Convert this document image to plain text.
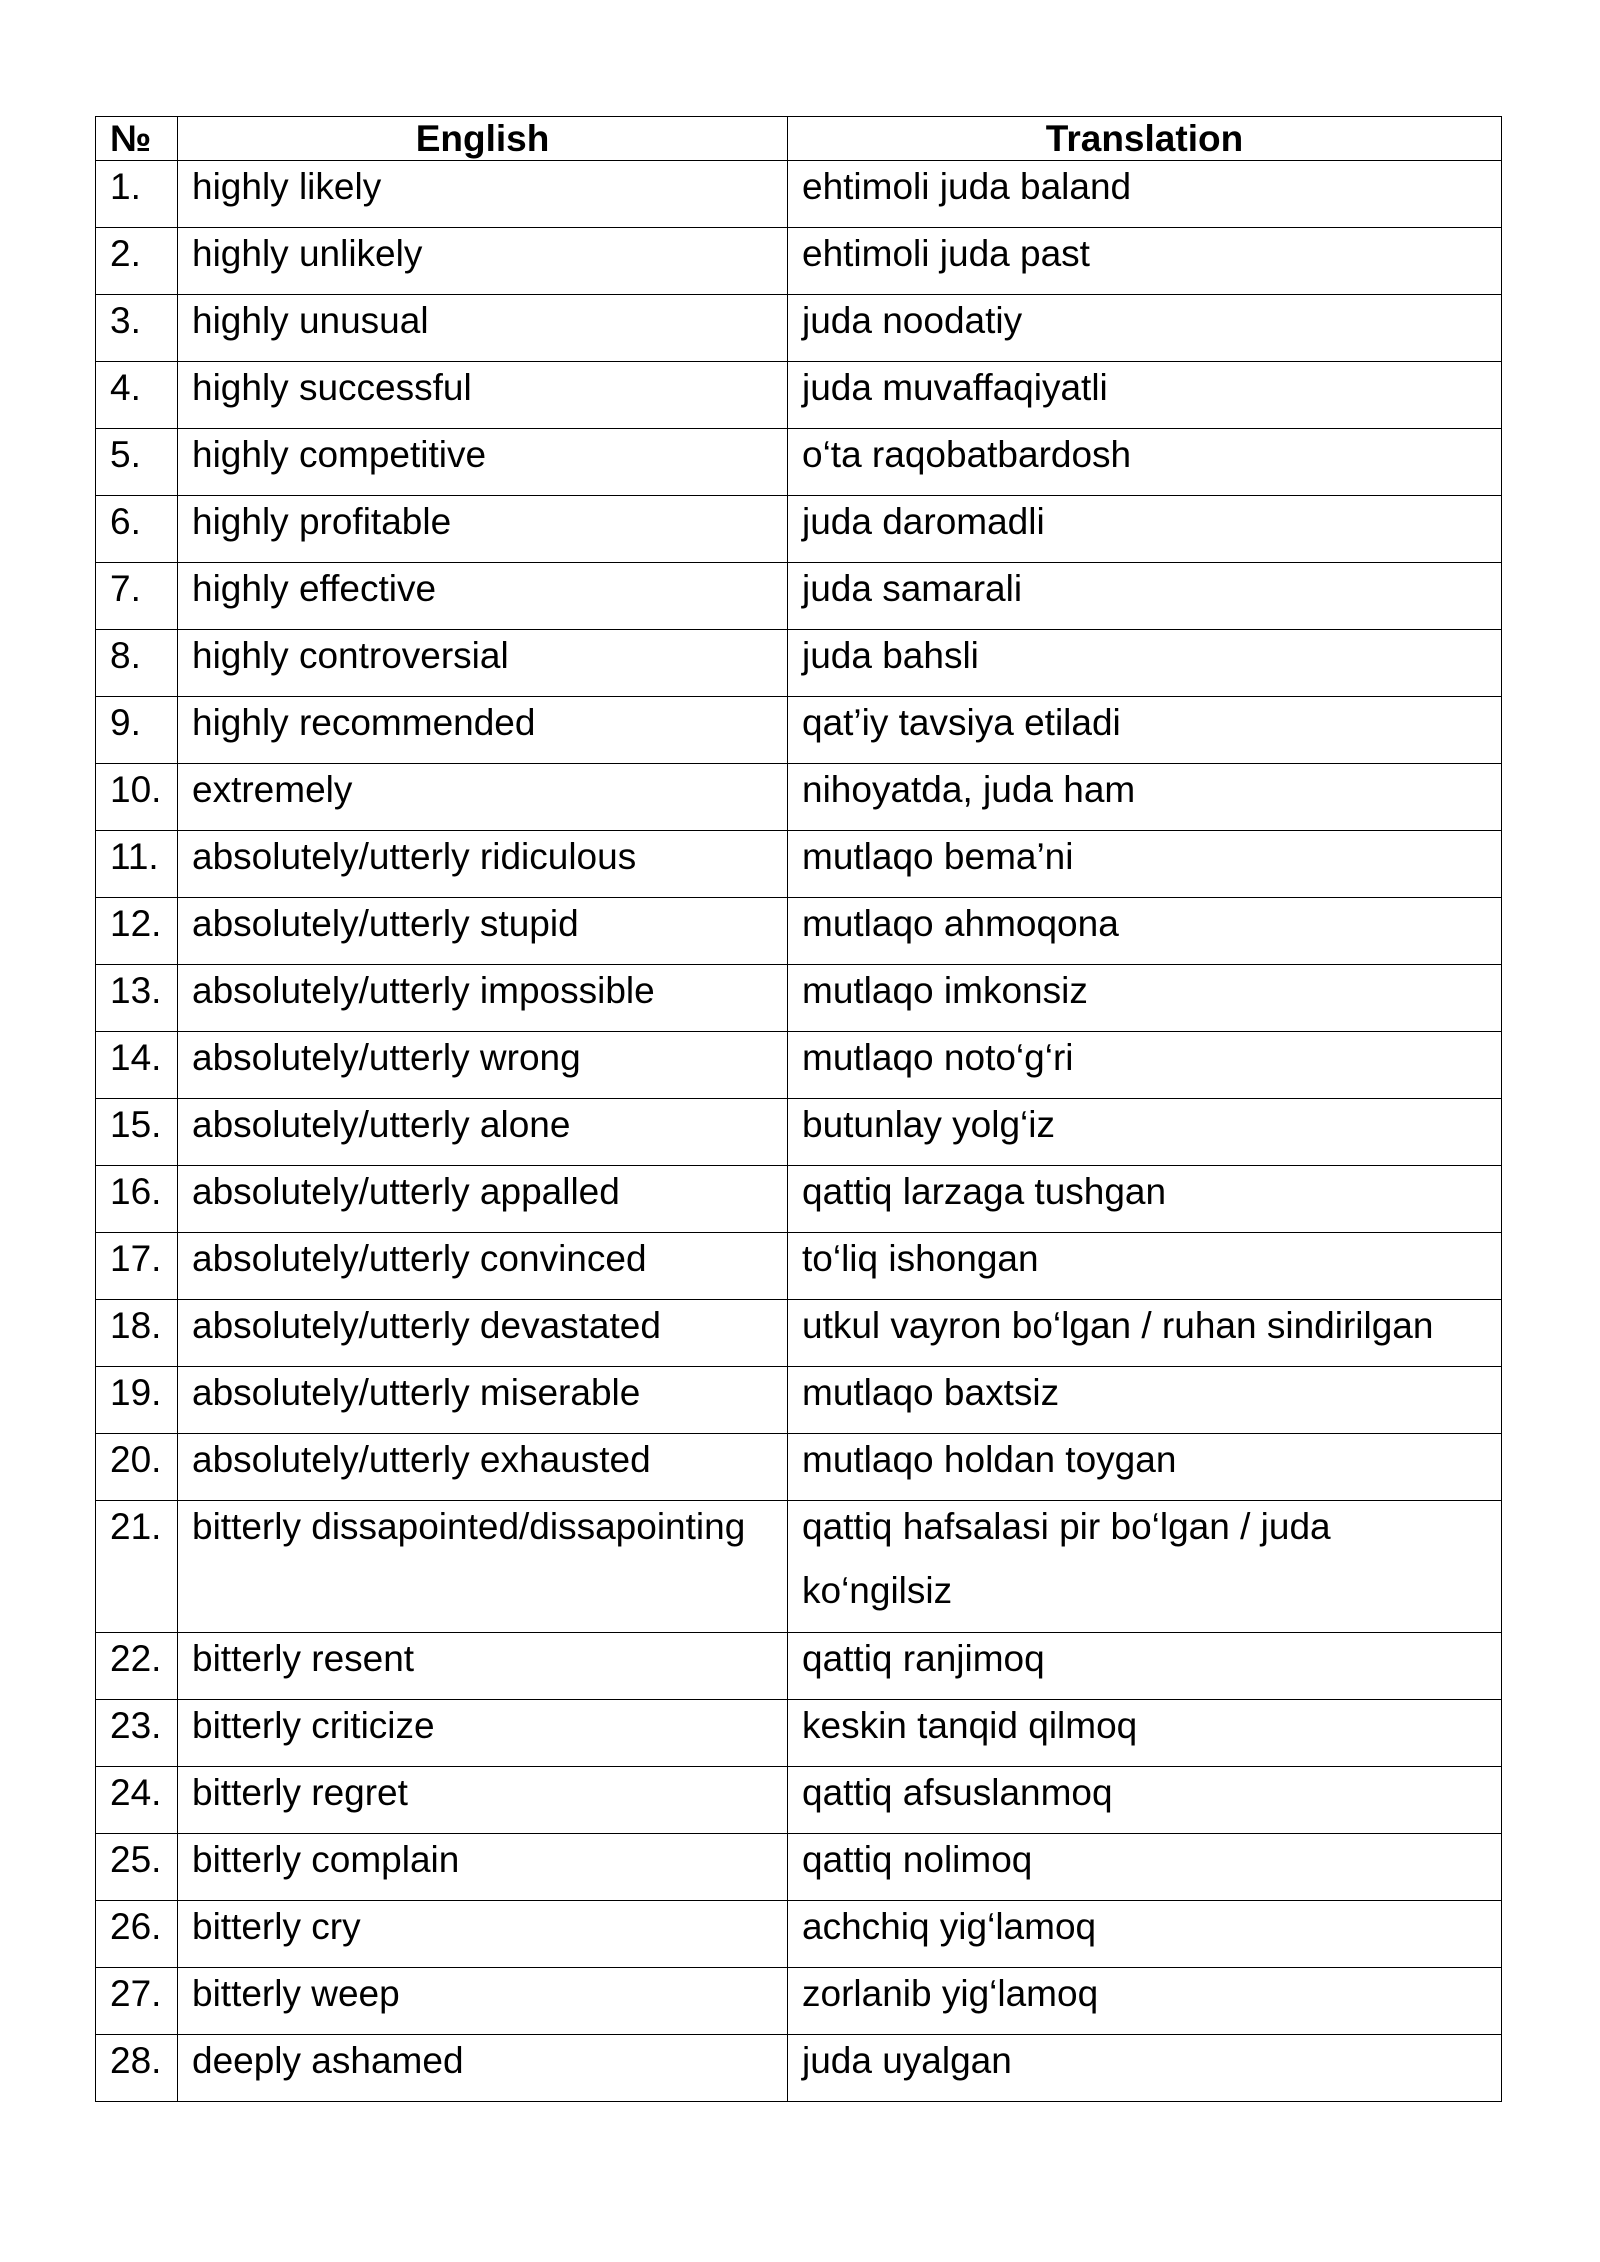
№	English	Translation
1.	highly likely	ehtimoli juda baland

2.	highly unlikely	ehtimoli juda past

3.	highly unusual	juda noodatiy

4.	highly successful	juda muvaffaqiyatli

5.	highly competitive	o‘ta raqobatbardosh

6.	highly profitable	juda daromadli

7.	highly effective	juda samarali

8.	highly controversial	juda bahsli

9.	highly recommended	qat’iy tavsiya etiladi

10.	extremely	nihoyatda, juda ham

11.	absolutely/utterly ridiculous	mutlaqo bema’ni

12.	absolutely/utterly stupid	mutlaqo ahmoqona

13.	absolutely/utterly impossible	mutlaqo imkonsiz

14.	absolutely/utterly wrong	mutlaqo noto‘g‘ri

15.	absolutely/utterly alone	butunlay yolg‘iz

16.	absolutely/utterly appalled	qattiq larzaga tushgan

17.	absolutely/utterly convinced	to‘liq ishongan

18.	absolutely/utterly devastated	utkul vayron bo‘lgan / ruhan sindirilgan

19.	absolutely/utterly miserable	mutlaqo baxtsiz

20.	absolutely/utterly exhausted	mutlaqo holdan toygan

21.	bitterly dissapointed/dissapointing	qattiq hafsalasi pir bo‘lgan / juda
ko‘ngilsiz

22.	bitterly resent	qattiq ranjimoq

23.	bitterly criticize	keskin tanqid qilmoq

24.	bitterly regret	qattiq afsuslanmoq

25.	bitterly complain	qattiq nolimoq

26.	bitterly cry	achchiq yig‘lamoq

27.	bitterly weep	zorlanib yig‘lamoq

28.	deeply ashamed	juda uyalgan
